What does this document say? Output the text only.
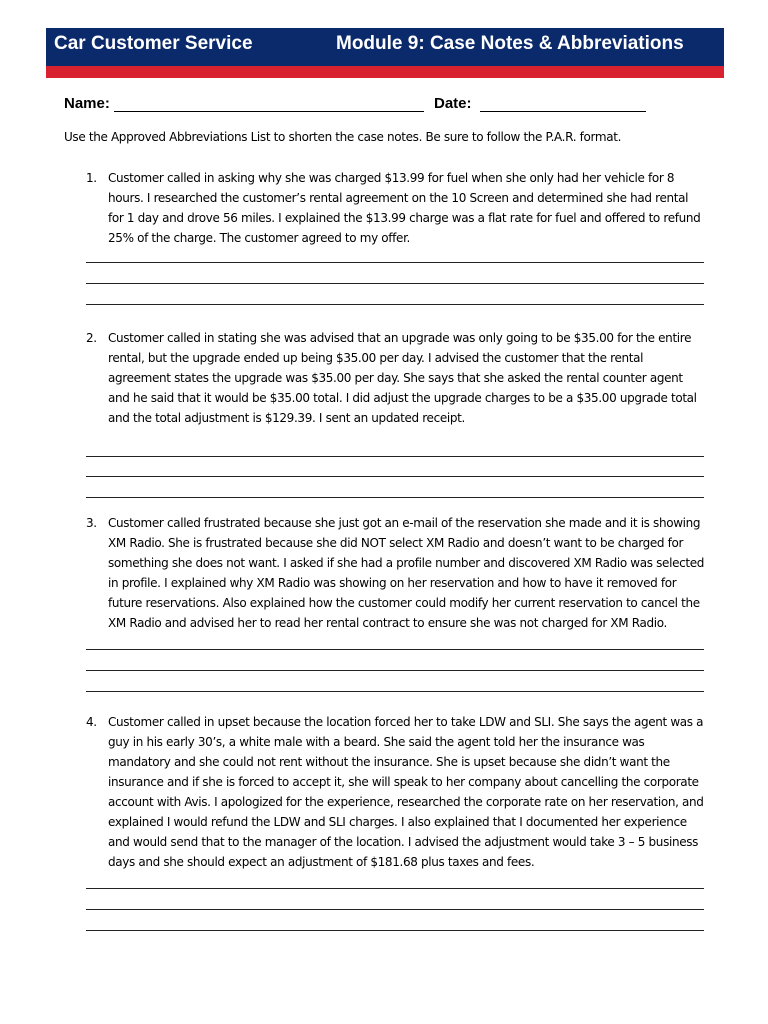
Car Customer Service	Module 9: Case Notes & Abbreviations
Name:	Date:
Use the Approved Abbreviations List to shorten the case notes. Be sure to follow the P.A.R. format.
1. Customer called in asking why she was charged $13.99 for fuel when she only had her vehicle for 8 hours. I researched the customer’s rental agreement on the 10 Screen and determined she had rental for 1 day and drove 56 miles. I explained the $13.99 charge was a flat rate for fuel and offered to refund 25% of the charge. The customer agreed to my offer.
2. Customer called in stating she was advised that an upgrade was only going to be $35.00 for the entire rental, but the upgrade ended up being $35.00 per day. I advised the customer that the rental agreement states the upgrade was $35.00 per day. She says that she asked the rental counter agent and he said that it would be $35.00 total. I did adjust the upgrade charges to be a $35.00 upgrade total and the total adjustment is $129.39. I sent an updated receipt.
3. Customer called frustrated because she just got an e-mail of the reservation she made and it is showing XM Radio. She is frustrated because she did NOT select XM Radio and doesn’t want to be charged for something she does not want. I asked if she had a profile number and discovered XM Radio was selected in profile. I explained why XM Radio was showing on her reservation and how to have it removed for future reservations. Also explained how the customer could modify her current reservation to cancel the XM Radio and advised her to read her rental contract to ensure she was not charged for XM Radio.
4. Customer called in upset because the location forced her to take LDW and SLI. She says the agent was a guy in his early 30’s, a white male with a beard. She said the agent told her the insurance was mandatory and she could not rent without the insurance. She is upset because she didn’t want the insurance and if she is forced to accept it, she will speak to her company about cancelling the corporate account with Avis. I apologized for the experience, researched the corporate rate on her reservation, and explained I would refund the LDW and SLI charges. I also explained that I documented her experience and would send that to the manager of the location. I advised the adjustment would take 3 – 5 business days and she should expect an adjustment of $181.68 plus taxes and fees.
